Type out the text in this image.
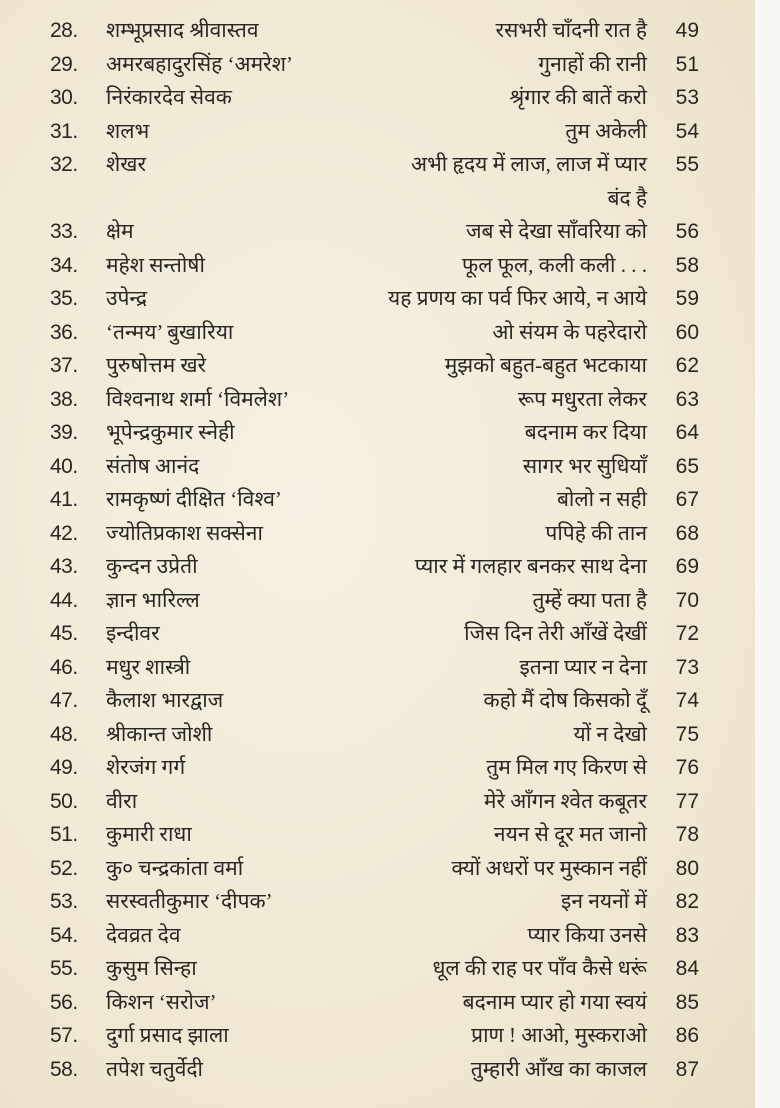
28. शम्भूप्रसाद श्रीवास्तव	रसभरी चाँदनी रात है 49
29. अमरबहादुरसिंह ‘अमरेश’	गुनाहों की रानी 51
30. निरंकारदेव सेवक	श्रृंगार की बातें करो 53
31. शलभ	तुम अकेली 54
32. शेखर	अभी हृदय में लाज, लाज में प्यार 55
बंद है
33. क्षेम	जब से देखा साँवरिया को 56
34. महेश सन्तोषी	फूल फूल, कली कली . . . 58
35. उपेन्द्र	यह प्रणय का पर्व फिर आये, न आये 59
36. ‘तन्मय’ बुखारिया	ओ संयम के पहरेदारो 60
37. पुरुषोत्तम खरे	मुझको बहुत-बहुत भटकाया 62
38. विश्वनाथ शर्मा ‘विमलेश’	रूप मधुरता लेकर 63
39. भूपेन्द्रकुमार स्नेही	बदनाम कर दिया 64
40. संतोष आनंद	सागर भर सुधियाँ 65
41. रामकृष्णं दीक्षित ‘विश्व’	बोलो न सही 67
42. ज्योतिप्रकाश सक्सेना	पपिहे की तान 68
43. कुन्दन उप्रेती	प्यार में गलहार बनकर साथ देना 69
44. ज्ञान भारिल्ल	तुम्हें क्या पता है 70
45. इन्दीवर	जिस दिन तेरी आँखें देखीं 72
46. मधुर शास्त्री	इतना प्यार न देना 73
47. कैलाश भारद्वाज	कहो मैं दोष किसको दूँ 74
48. श्रीकान्त जोशी	यों न देखो 75
49. शेरजंग गर्ग	तुम मिल गए किरण से 76
50. वीरा	मेरे आँगन श्वेत कबूतर 77
51. कुमारी राधा	नयन से दूर मत जानो 78
52. कु० चन्द्रकांता वर्मा	क्यों अधरों पर मुस्कान नहीं 80
53. सरस्वतीकुमार ‘दीपक’	इन नयनों में 82
54. देवव्रत देव	प्यार किया उनसे 83
55. कुसुम सिन्हा	धूल की राह पर पाँव कैसे धरूं 84
56. किशन ‘सरोज’	बदनाम प्यार हो गया स्वयं 85
57. दुर्गा प्रसाद झाला	प्राण ! आओ, मुस्कराओ 86
58. तपेश चतुर्वेदी	तुम्हारी आँख का काजल 87
